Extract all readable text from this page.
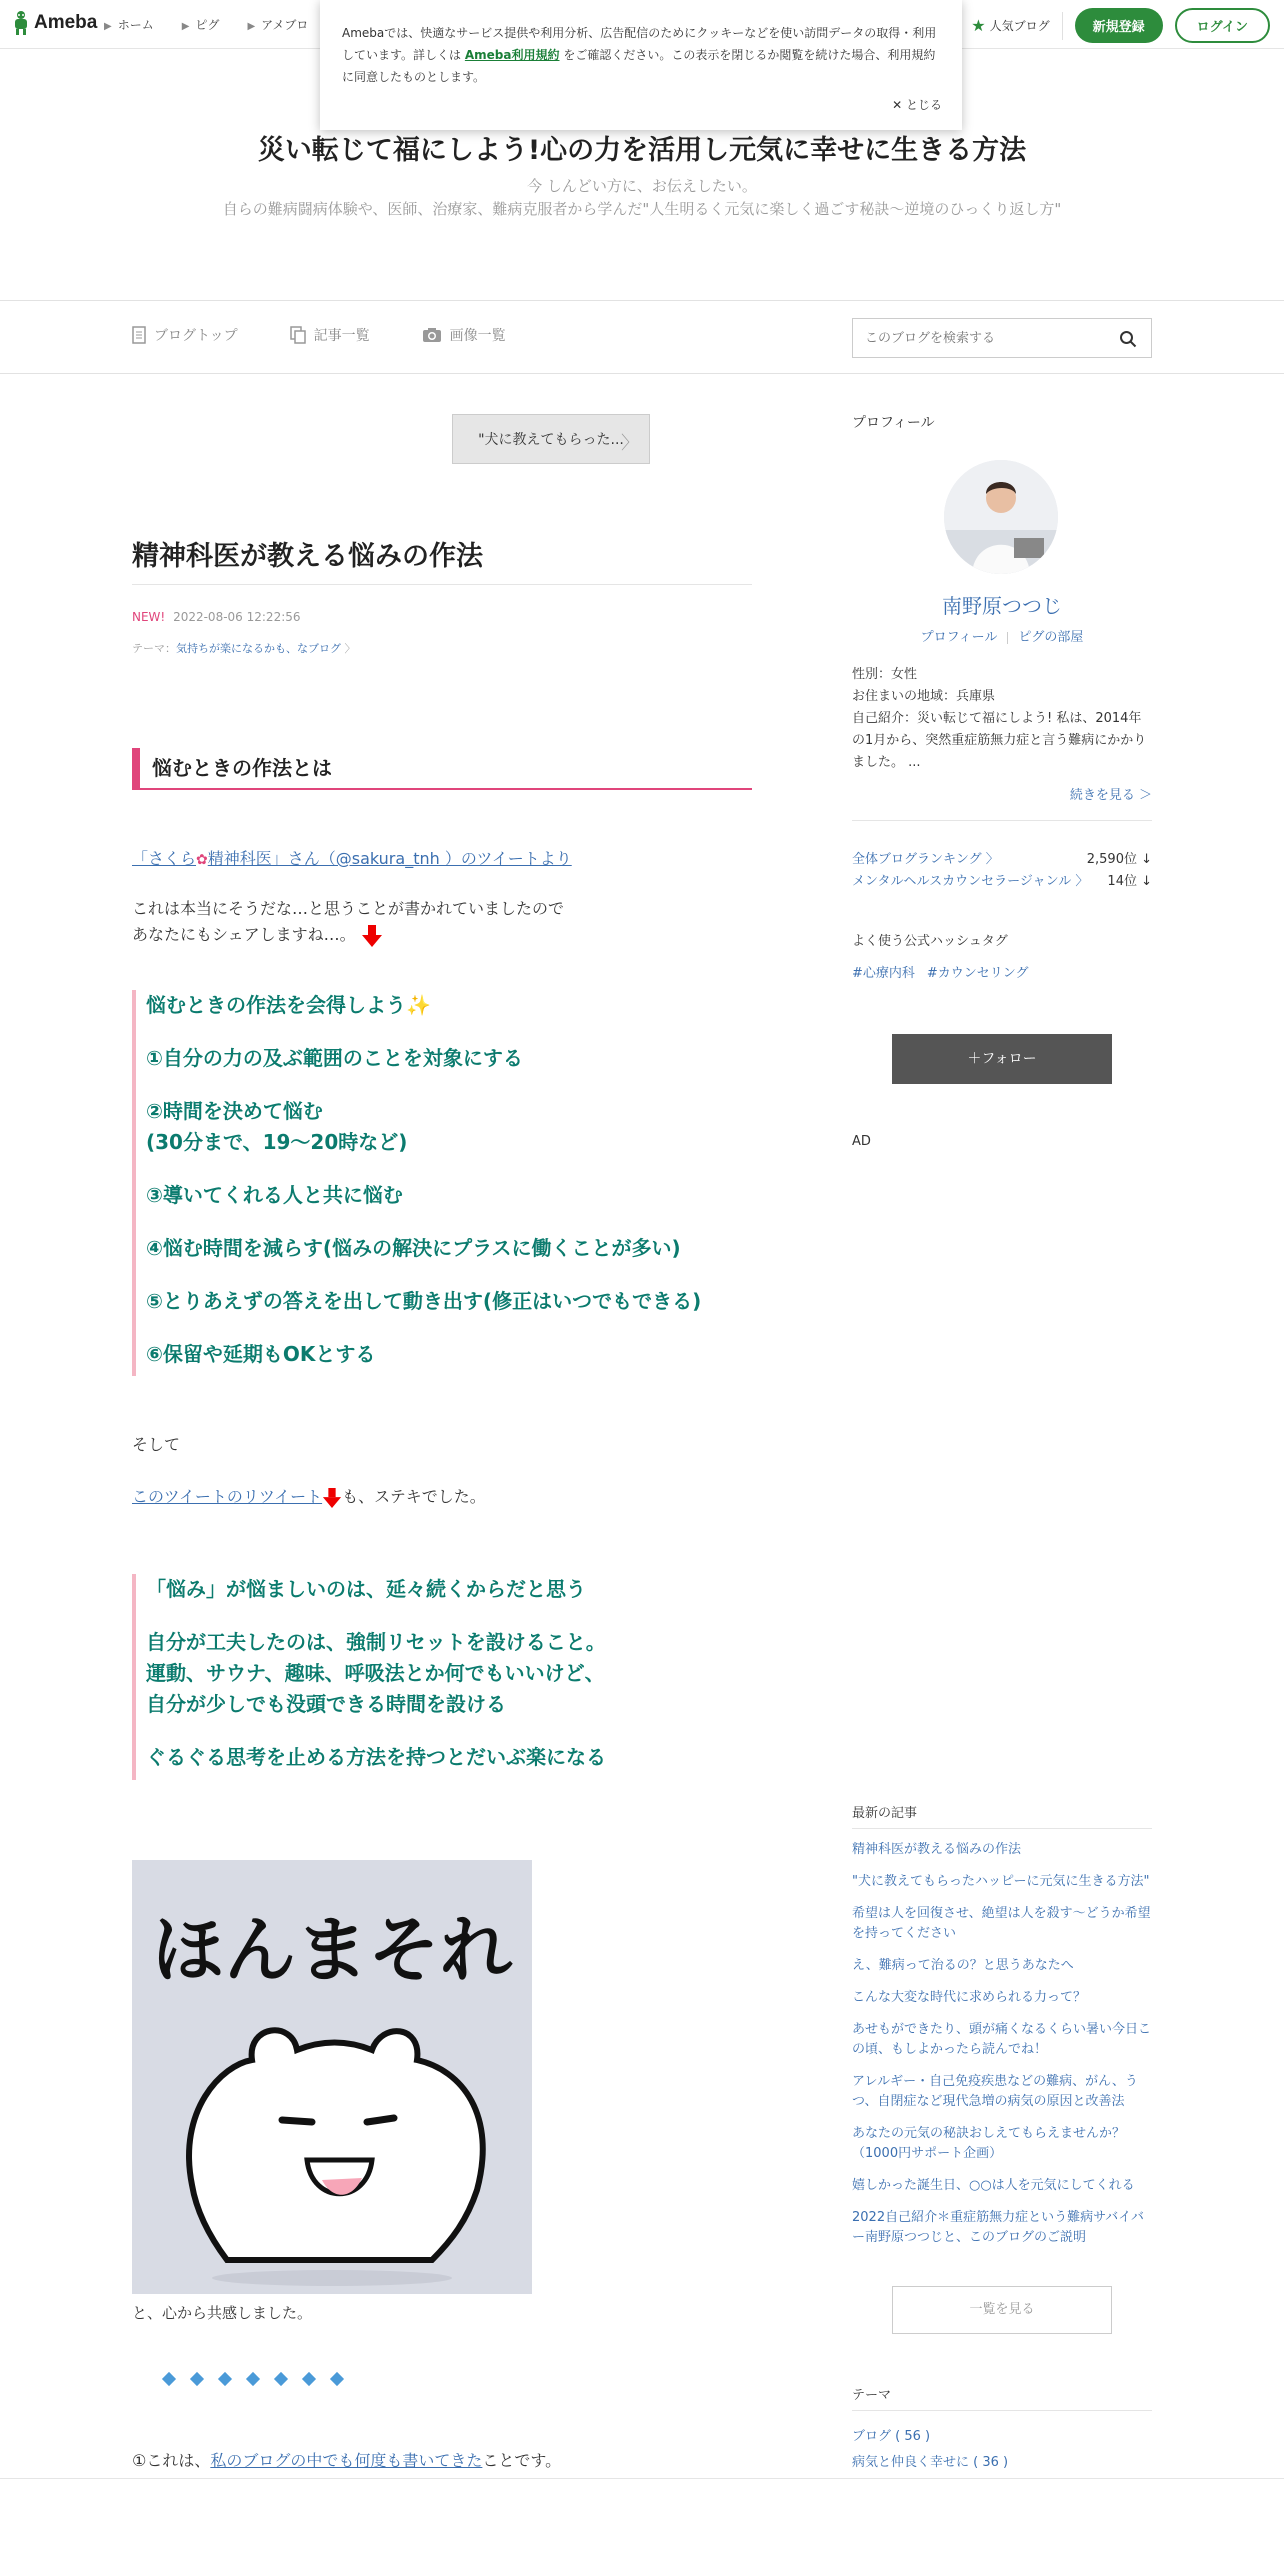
Ameba ▶ ホーム	▶ ピグ	▶ アメブロ	★ 人気ブログ	新規登録	ログイン
Amebaでは、快適なサービス提供や利用分析、広告配信のためにクッキーなどを使い訪問データの取得・利用しています。詳しくは Ameba利用規約 をご確認ください。この表示を閉じるか閲覧を続けた場合、利用規約に同意したものとします。
✕ とじる
災い転じて福にしよう!心の力を活用し元気に幸せに生きる方法
今 しんどい方に、お伝えしたい。
自らの難病闘病体験や、医師、治療家、難病克服者から学んだ"人生明るく元気に楽しく過ごす秘訣～逆境のひっくり返し方"
ブログトップ	記事一覧	画像一覧
このブログを検索する
"犬に教えてもらった...
〉
精神科医が教える悩みの作法
NEW! 2022-08-06 12:22:56
テーマ：気持ちが楽になるかも、なブログ 〉
悩むときの作法とは
「さくら✿精神科医」さん（@sakura_tnh ）のツイートより
これは本当にそうだな…と思うことが書かれていましたので
あなたにもシェアしますね…。
悩むときの作法を会得しよう✨
①自分の力の及ぶ範囲のことを対象にする
②時間を決めて悩む
(30分まで、19〜20時など)
③導いてくれる人と共に悩む
④悩む時間を減らす(悩みの解決にプラスに働くことが多い)
⑤とりあえずの答えを出して動き出す(修正はいつでもできる)
⑥保留や延期もOKとする
そして
このツイートのリツイート も、ステキでした。
「悩み」が悩ましいのは、延々続くからだと思う
自分が工夫したのは、強制リセットを設けること。
運動、サウナ、趣味、呼吸法とか何でもいいけど、
自分が少しでも没頭できる時間を設ける
ぐるぐる思考を止める方法を持つとだいぶ楽になる
ほんまそれ
と、心から共感しました。
①これは、私のブログの中でも何度も書いてきたことです。
プロフィール
南野原つつじ
プロフィール ピグの部屋
性別：女性
お住まいの地域：兵庫県
自己紹介：災い転じて福にしよう! 私は、2014年の1月から、突然重症筋無力症と言う難病にかかりました。 ...
続きを見る ＞
全体ブログランキング 〉	2,590位 ↓
メンタルヘルスカウンセラージャンル 〉 14位 ↓
よく使う公式ハッシュタグ
#心療内科 #カウンセリング
＋フォロー
AD
最新の記事
精神科医が教える悩みの作法
"犬に教えてもらったハッピーに元気に生きる方法"
希望は人を回復させ、絶望は人を殺す～どうか希望を持ってください
え、難病って治るの？と思うあなたへ
こんな大変な時代に求められる力って？
あせもができたり、頭が痛くなるくらい暑い今日この頃、もしよかったら読んでね！
アレルギー・自己免疫疾患などの難病、がん、うつ、自閉症など現代急増の病気の原因と改善法
あなたの元気の秘訣おしえてもらえませんか？（1000円サポート企画）
嬉しかった誕生日、○○は人を元気にしてくれる
2022自己紹介＊重症筋無力症という難病サバイバー南野原つつじと、このブログのご説明
一覧を見る
テーマ
ブログ ( 56 )
病気と仲良く幸せに ( 36 )
